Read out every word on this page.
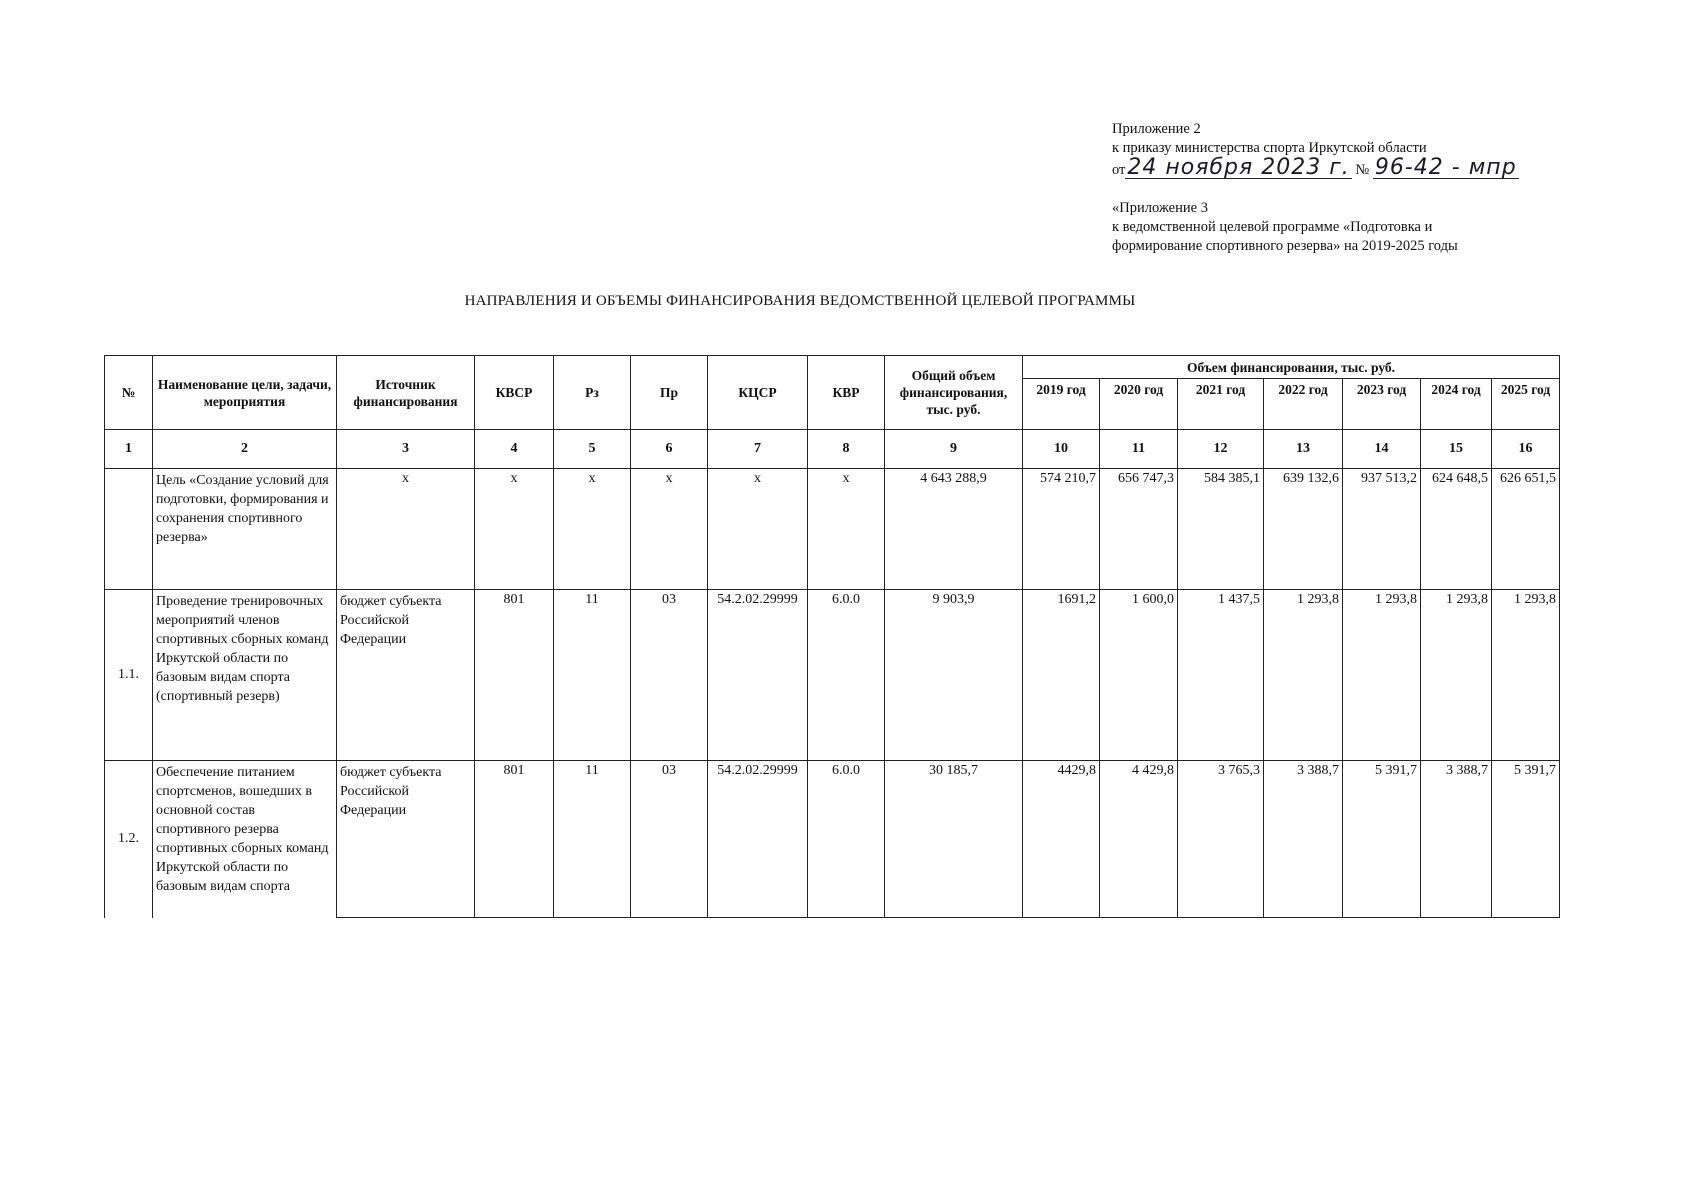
Приложение 2
к приказу министерства спорта Иркутской области
от24 ноября 2023 г. № 96-42 - мпр
«Приложение 3
к ведомственной целевой программе «Подготовка и
формирование спортивного резерва» на 2019-2025 годы
НАПРАВЛЕНИЯ И ОБЪЕМЫ ФИНАНСИРОВАНИЯ ВЕДОМСТВЕННОЙ ЦЕЛЕВОЙ ПРОГРАММЫ
№	Наименование цели, задачи, мероприятия	Источник финансирования	КВСР	Рз	Пр	КЦСР	КВР	Общий объем финансирования, тыс. руб.	Объем финансирования, тыс. руб.						
									2019 год	2020 год	2021 год	2022 год	2023 год	2024 год	2025 год
1	2	3	4	5	6	7	8	9	10	11	12	13	14	15	16
	Цель «Создание условий для подготовки, формирования и сохранения спортивного резерва»	x	x	x	x	x	x	4 643 288,9	574 210,7	656 747,3	584 385,1	639 132,6	937 513,2	624 648,5	626 651,5
1.1.	Проведение тренировочных мероприятий членов спортивных сборных команд Иркутской области по базовым видам спорта (спортивный резерв)	бюджет субъекта Российской Федерации	801	11	03	54.2.02.29999	6.0.0	9 903,9	1691,2	1 600,0	1 437,5	1 293,8	1 293,8	1 293,8	1 293,8
1.2.	Обеспечение питанием спортсменов, вошедших в основной состав спортивного резерва спортивных сборных команд Иркутской области по базовым видам спорта	бюджет субъекта Российской Федерации	801	11	03	54.2.02.29999	6.0.0	30 185,7	4429,8	4 429,8	3 765,3	3 388,7	5 391,7	3 388,7	5 391,7
